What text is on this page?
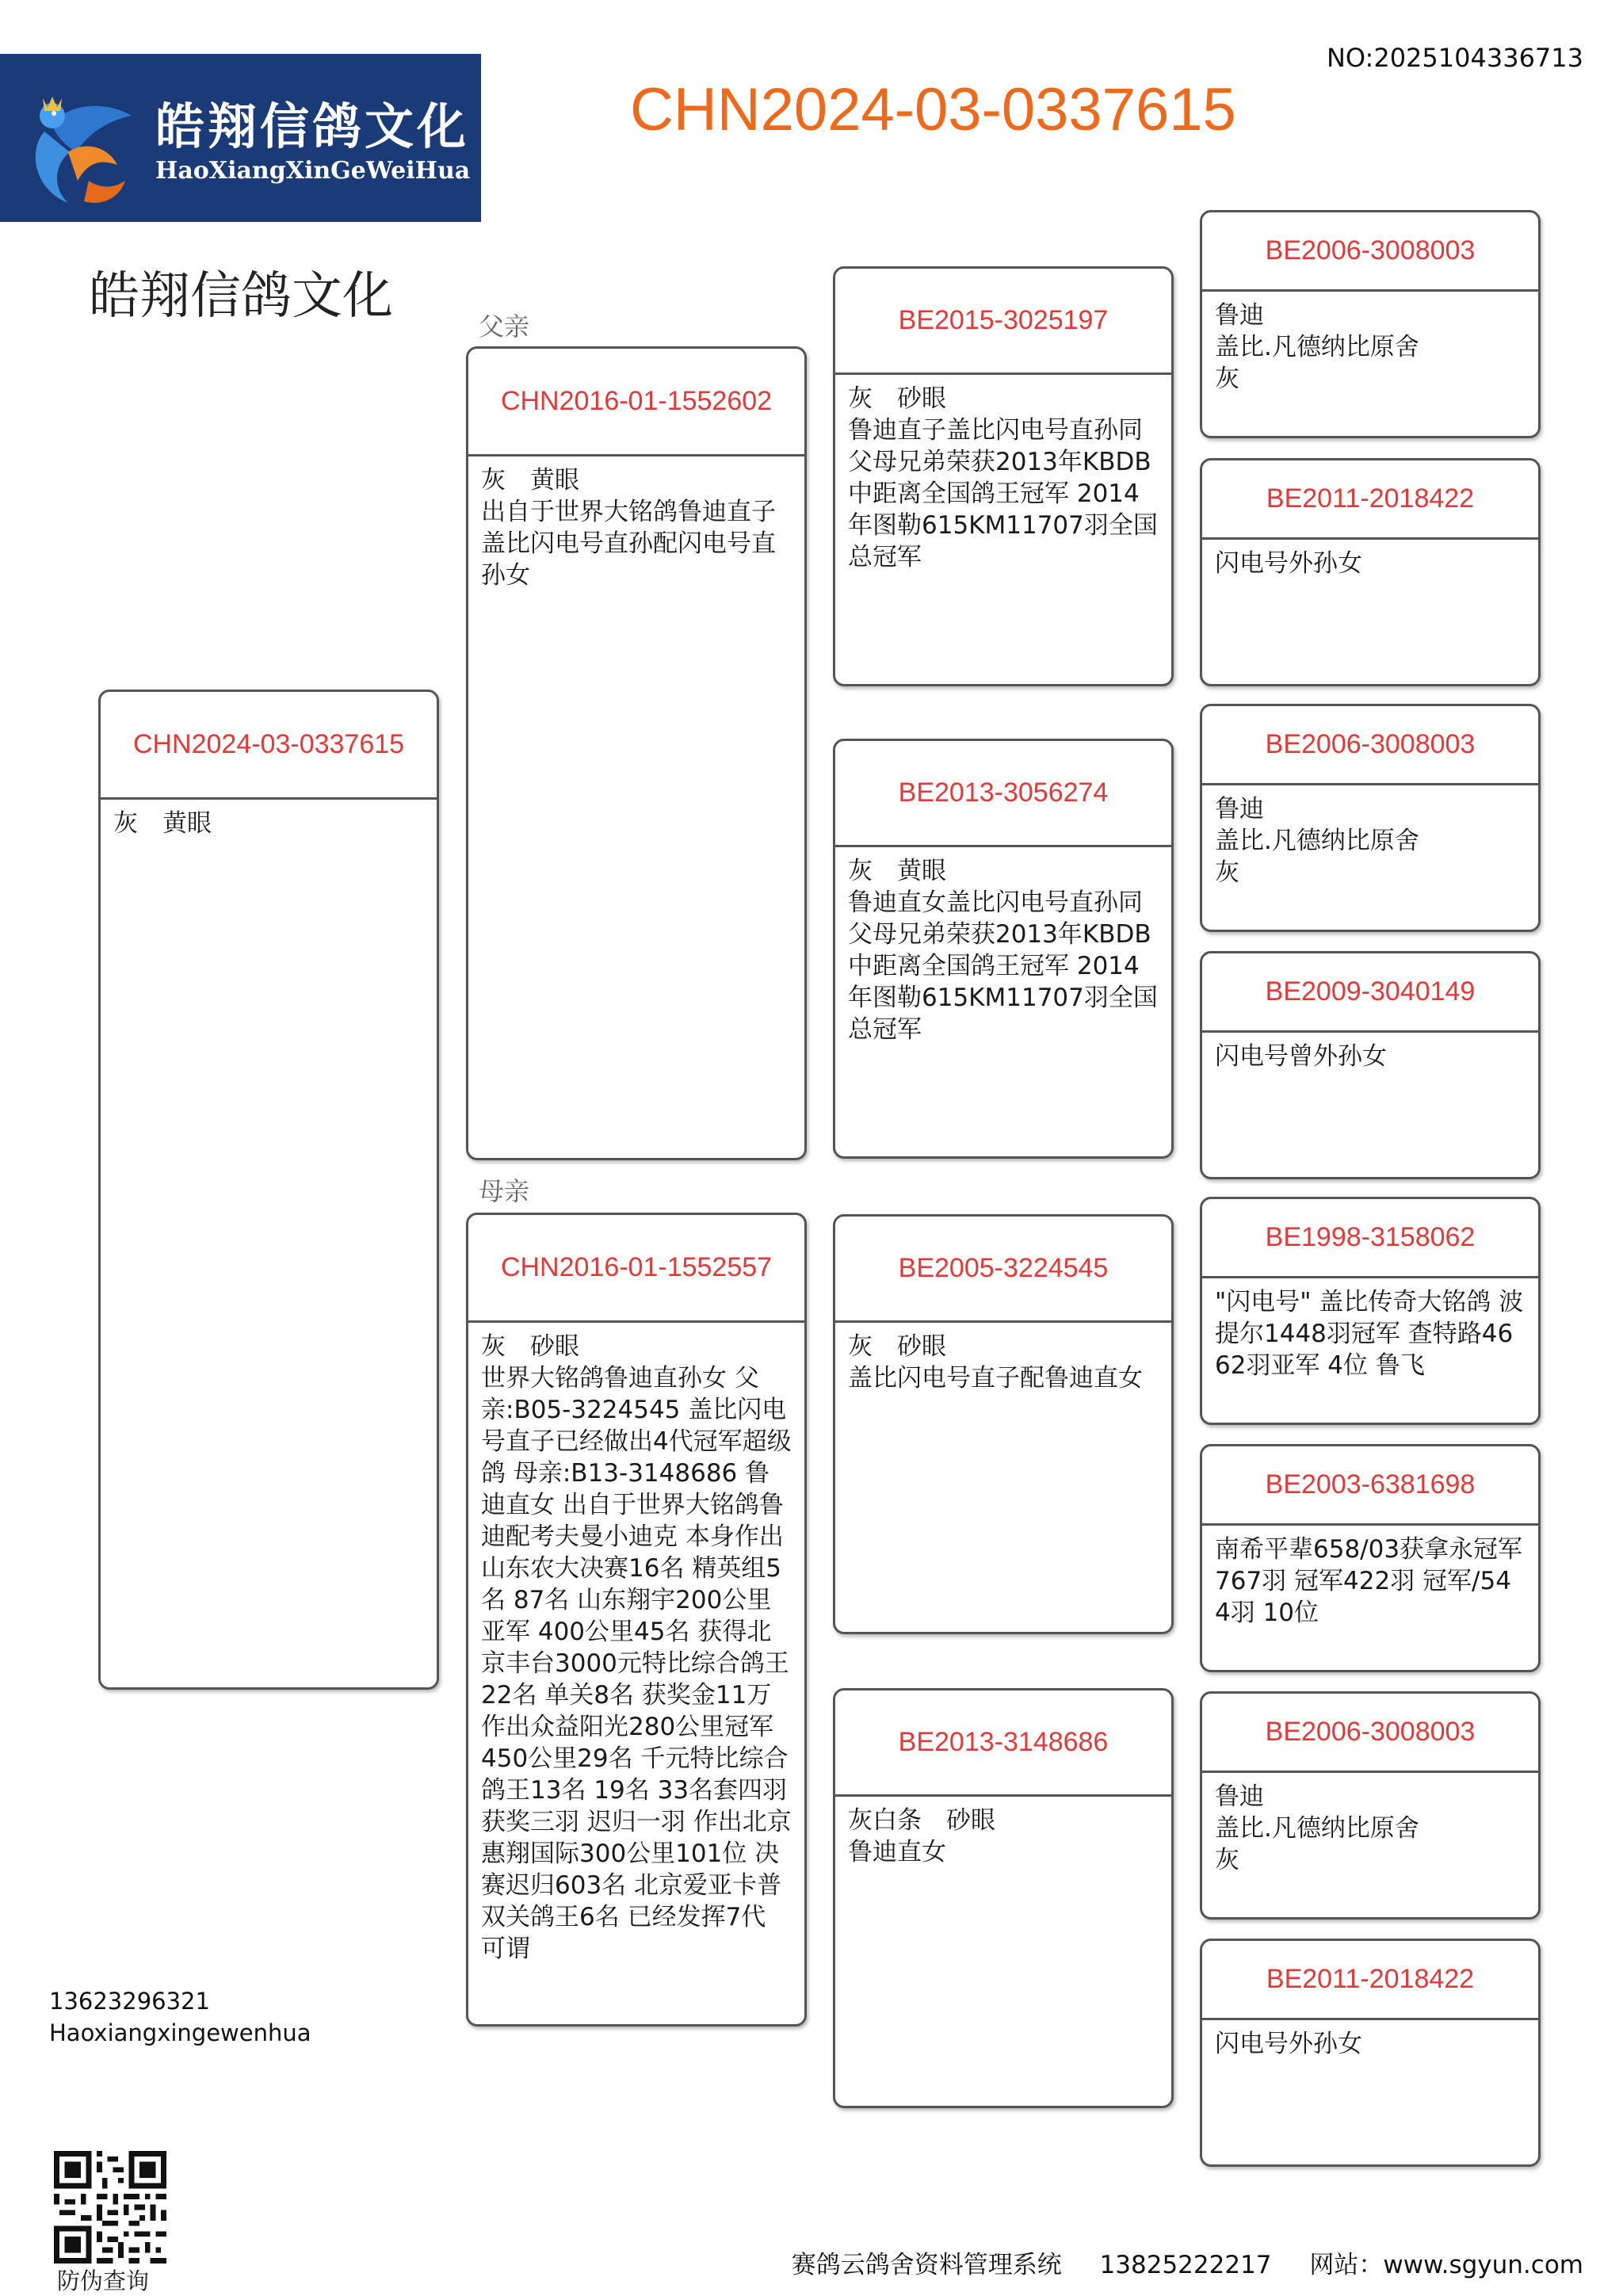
皓翔信鸽文化
HaoXiangXinGeWeiHua
NO:2025104336713
CHN2024-03-0337615
皓翔信鸽文化
父亲
母亲
CHN2024-03-0337615
灰　黄眼
CHN2016-01-1552602
灰　黄眼
出自于世界大铭鸽鲁迪直子盖比闪电号直孙配闪电号直孙女
CHN2016-01-1552557
灰　砂眼
世界大铭鸽鲁迪直孙女 父亲:B05-3224545 盖比闪电号直子已经做出4代冠军超级鸽 母亲:B13-3148686 鲁迪直女 出自于世界大铭鸽鲁迪配考夫曼小迪克 本身作出山东农大决赛16名 精英组5名 87名 山东翔宇200公里亚军 400公里45名 获得北京丰台3000元特比综合鸽王22名 单关8名 获奖金11万 作出众益阳光280公里冠军 450公里29名 千元特比综合鸽王13名 19名 33名套四羽获奖三羽 迟归一羽 作出北京惠翔国际300公里101位 决赛迟归603名 北京爱亚卡普双关鸽王6名 已经发挥7代 可谓
BE2015-3025197
灰　砂眼
鲁迪直子盖比闪电号直孙同父母兄弟荣获2013年KBDB中距离全国鸽王冠军 2014年图勒615KM11707羽全国总冠军
BE2013-3056274
灰　黄眼
鲁迪直女盖比闪电号直孙同父母兄弟荣获2013年KBDB中距离全国鸽王冠军 2014年图勒615KM11707羽全国总冠军
BE2005-3224545
灰　砂眼
盖比闪电号直子配鲁迪直女
BE2013-3148686
灰白条　砂眼
鲁迪直女
BE2006-3008003
鲁迪
盖比.凡德纳比原舍
灰
BE2011-2018422
闪电号外孙女
BE2006-3008003
鲁迪
盖比.凡德纳比原舍
灰
BE2009-3040149
闪电号曾外孙女
BE1998-3158062
"闪电号" 盖比传奇大铭鸽 波提尔1448羽冠军 查特路4662羽亚军 4位 鲁飞
BE2003-6381698
南希平辈658/03获拿永冠军767羽 冠军422羽 冠军/544羽 10位
BE2006-3008003
鲁迪
盖比.凡德纳比原舍
灰
BE2011-2018422
闪电号外孙女
13623296321
Haoxiangxingewenhua
防伪查询
赛鸽云鸽舍资料管理系统 13825222217 网站：www.sgyun.com
